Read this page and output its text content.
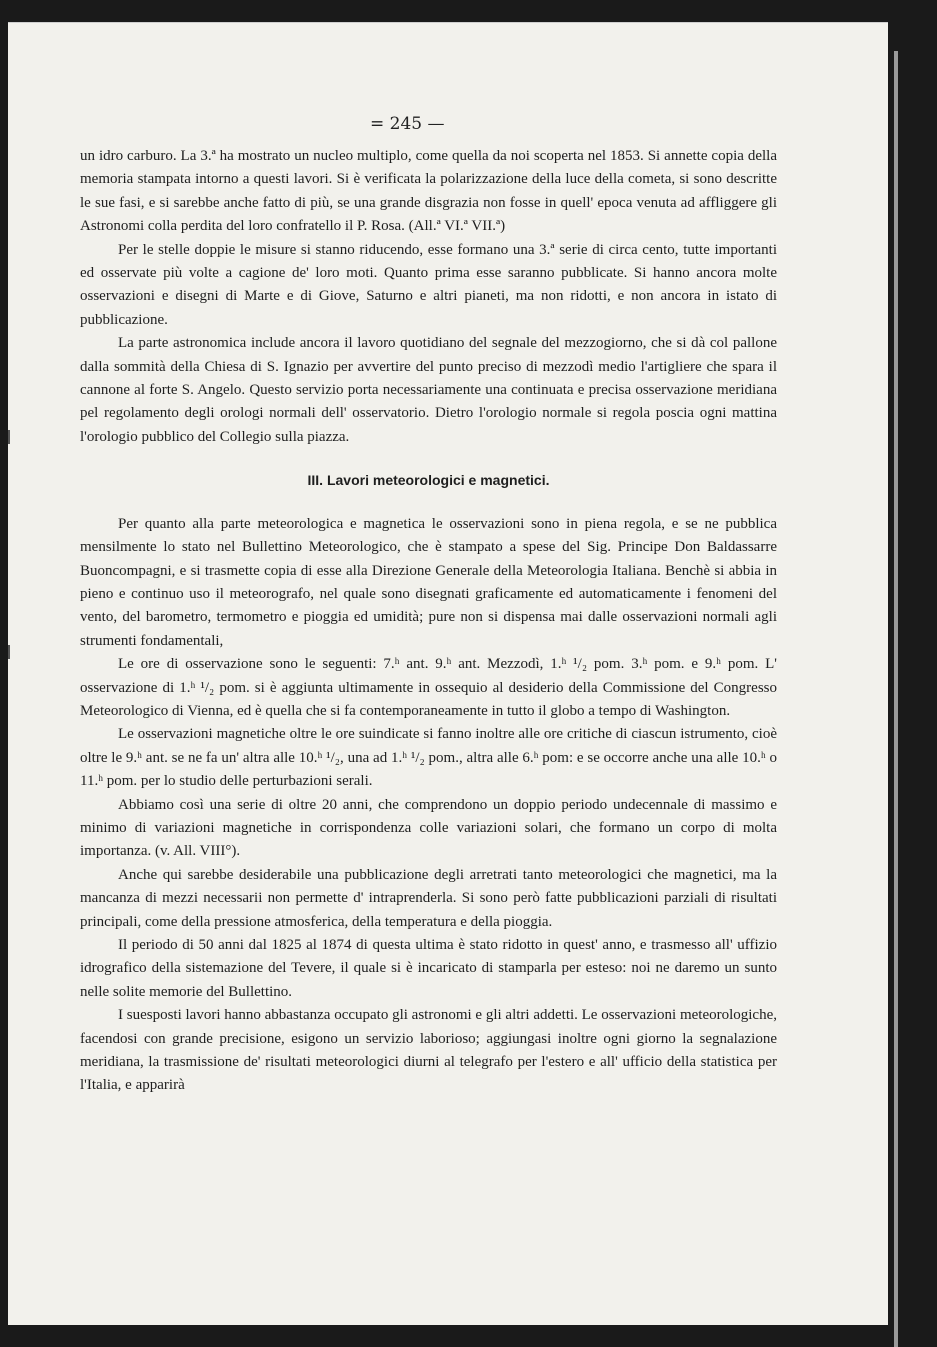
= 245 —

un idro carburo. La 3.ª ha mostrato un nucleo multiplo, come quella da noi scoperta nel 1853. Si annette copia della memoria stampata intorno a questi lavori. Si è verificata la polarizzazione della luce della cometa, si sono descritte le sue fasi, e si sarebbe anche fatto di più, se una grande disgrazia non fosse in quell' epoca venuta ad affliggere gli Astronomi colla perdita del loro confratello il P. Rosa. (All.ª VI.ª VII.ª)

Per le stelle doppie le misure si stanno riducendo, esse formano una 3.ª serie di circa cento, tutte importanti ed osservate più volte a cagione de' loro moti. Quanto prima esse saranno pubblicate. Si hanno ancora molte osservazioni e disegni di Marte e di Giove, Saturno e altri pianeti, ma non ridotti, e non ancora in istato di pubblicazione.

La parte astronomica include ancora il lavoro quotidiano del segnale del mezzogiorno, che si dà col pallone dalla sommità della Chiesa di S. Ignazio per avvertire del punto preciso di mezzodì medio l'artigliere che spara il cannone al forte S. Angelo. Questo servizio porta necessariamente una continuata e precisa osservazione meridiana pel regolamento degli orologi normali dell' osservatorio. Dietro l'orologio normale si regola poscia ogni mattina l'orologio pubblico del Collegio sulla piazza.

III. Lavori meteorologici e magnetici.

Per quanto alla parte meteorologica e magnetica le osservazioni sono in piena regola, e se ne pubblica mensilmente lo stato nel Bullettino Meteorologico, che è stampato a spese del Sig. Principe Don Baldassarre Buoncompagni, e si trasmette copia di esse alla Direzione Generale della Meteorologia Italiana. Benchè si abbia in pieno e continuo uso il meteorografo, nel quale sono disegnati graficamente ed automaticamente i fenomeni del vento, del barometro, termometro e pioggia ed umidità; pure non si dispensa mai dalle osservazioni normali agli strumenti fondamentali,

Le ore di osservazione sono le seguenti: 7.ʰ ant. 9.ʰ ant. Mezzodì, 1.ʰ ¹/₂ pom. 3.ʰ pom. e 9.ʰ pom. L' osservazione di 1.ʰ ¹/₂ pom. si è aggiunta ultimamente in ossequio al desiderio della Commissione del Congresso Meteorologico di Vienna, ed è quella che si fa contemporaneamente in tutto il globo a tempo di Washington.

Le osservazioni magnetiche oltre le ore suindicate si fanno inoltre alle ore critiche di ciascun istrumento, cioè oltre le 9.ʰ ant. se ne fa un' altra alle 10.ʰ ¹/₂, una ad 1.ʰ ¹/₂ pom., altra alle 6.ʰ pom: e se occorre anche una alle 10.ʰ o 11.ʰ pom. per lo studio delle perturbazioni serali.

Abbiamo così una serie di oltre 20 anni, che comprendono un doppio periodo undecennale di massimo e minimo di variazioni magnetiche in corrispondenza colle variazioni solari, che formano un corpo di molta importanza. (v. All. VIII°).

Anche qui sarebbe desiderabile una pubblicazione degli arretrati tanto meteorologici che magnetici, ma la mancanza di mezzi necessarii non permette d' intraprenderla. Si sono però fatte pubblicazioni parziali di risultati principali, come della pressione atmosferica, della temperatura e della pioggia.

Il periodo di 50 anni dal 1825 al 1874 di questa ultima è stato ridotto in quest' anno, e trasmesso all' uffizio idrografico della sistemazione del Tevere, il quale si è incaricato di stamparla per esteso: noi ne daremo un sunto nelle solite memorie del Bullettino.

I suesposti lavori hanno abbastanza occupato gli astronomi e gli altri addetti. Le osservazioni meteorologiche, facendosi con grande precisione, esigono un servizio laborioso; aggiungasi inoltre ogni giorno la segnalazione meridiana, la trasmissione de' risultati meteorologici diurni al telegrafo per l'estero e all' ufficio della statistica per l'Italia, e apparirà
